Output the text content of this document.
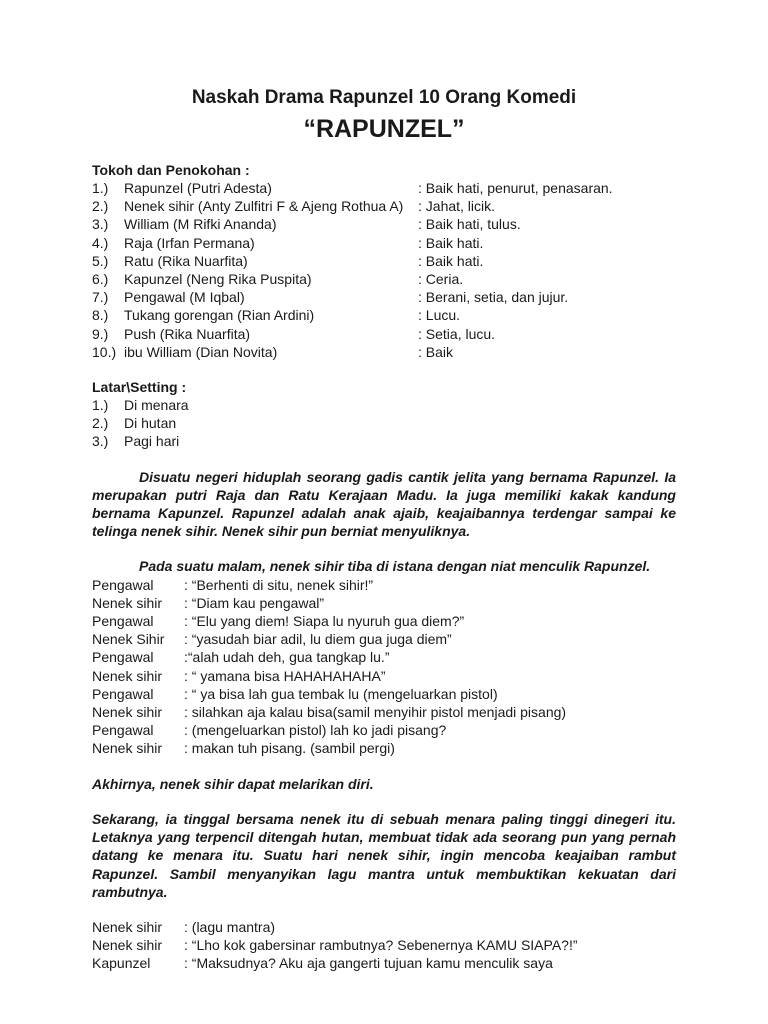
Naskah Drama Rapunzel 10 Orang Komedi
“RAPUNZEL”

Tokoh dan Penokohan :

1.)	Rapunzel (Putri Adesta)	: Baik hati, penurut, penasaran.
2.)	Nenek sihir (Anty Zulfitri F & Ajeng Rothua A)	: Jahat, licik.
3.)	William (M Rifki Ananda)	: Baik hati, tulus.
4.)	Raja (Irfan Permana)	: Baik hati.
5.)	Ratu (Rika Nuarfita)	: Baik hati.
6.)	Kapunzel (Neng Rika Puspita)	: Ceria.
7.)	Pengawal (M Iqbal)	: Berani, setia, dan jujur.
8.)	Tukang gorengan (Rian Ardini)	: Lucu.
9.)	Push (Rika Nuarfita)	: Setia, lucu.
10.) ibu William (Dian Novita)	: Baik

Latar\Setting :

1.)	Di menara
2.)	Di hutan
3.)	Pagi hari

Disuatu negeri hiduplah seorang gadis cantik jelita yang bernama Rapunzel. Ia merupakan putri Raja dan Ratu Kerajaan Madu. Ia juga memiliki kakak kandung bernama Kapunzel. Rapunzel adalah anak ajaib, keajaibannya terdengar sampai ke telinga nenek sihir. Nenek sihir pun berniat menyuliknya.

Pada suatu malam, nenek sihir tiba di istana dengan niat menculik Rapunzel.

Pengawal	: “Berhenti di situ, nenek sihir!”
Nenek sihir	: “Diam kau pengawal”
Pengawal	: “Elu yang diem! Siapa lu nyuruh gua diem?”
Nenek Sihir	: “yasudah biar adil, lu diem gua juga diem”
Pengawal	:“alah udah deh, gua tangkap lu.”
Nenek sihir	: “ yamana bisa HAHAHAHAHA”
Pengawal	: “ ya bisa lah gua tembak lu (mengeluarkan pistol)
Nenek sihir	: silahkan aja kalau bisa(samil menyihir pistol menjadi pisang)
Pengawal	: (mengeluarkan pistol) lah ko jadi pisang?
Nenek sihir	: makan tuh pisang. (sambil pergi)

Akhirnya, nenek sihir dapat melarikan diri.

Sekarang, ia tinggal bersama nenek itu di sebuah menara paling tinggi dinegeri itu. Letaknya yang terpencil ditengah hutan, membuat tidak ada seorang pun yang pernah datang ke menara itu. Suatu hari nenek sihir, ingin mencoba keajaiban rambut Rapunzel. Sambil menyanyikan lagu mantra untuk membuktikan kekuatan dari rambutnya.

Nenek sihir	: (lagu mantra)
Nenek sihir	: “Lho kok gabersinar rambutnya? Sebenernya KAMU SIAPA?!”
Kapunzel	: “Maksudnya? Aku aja gangerti tujuan kamu menculik saya
